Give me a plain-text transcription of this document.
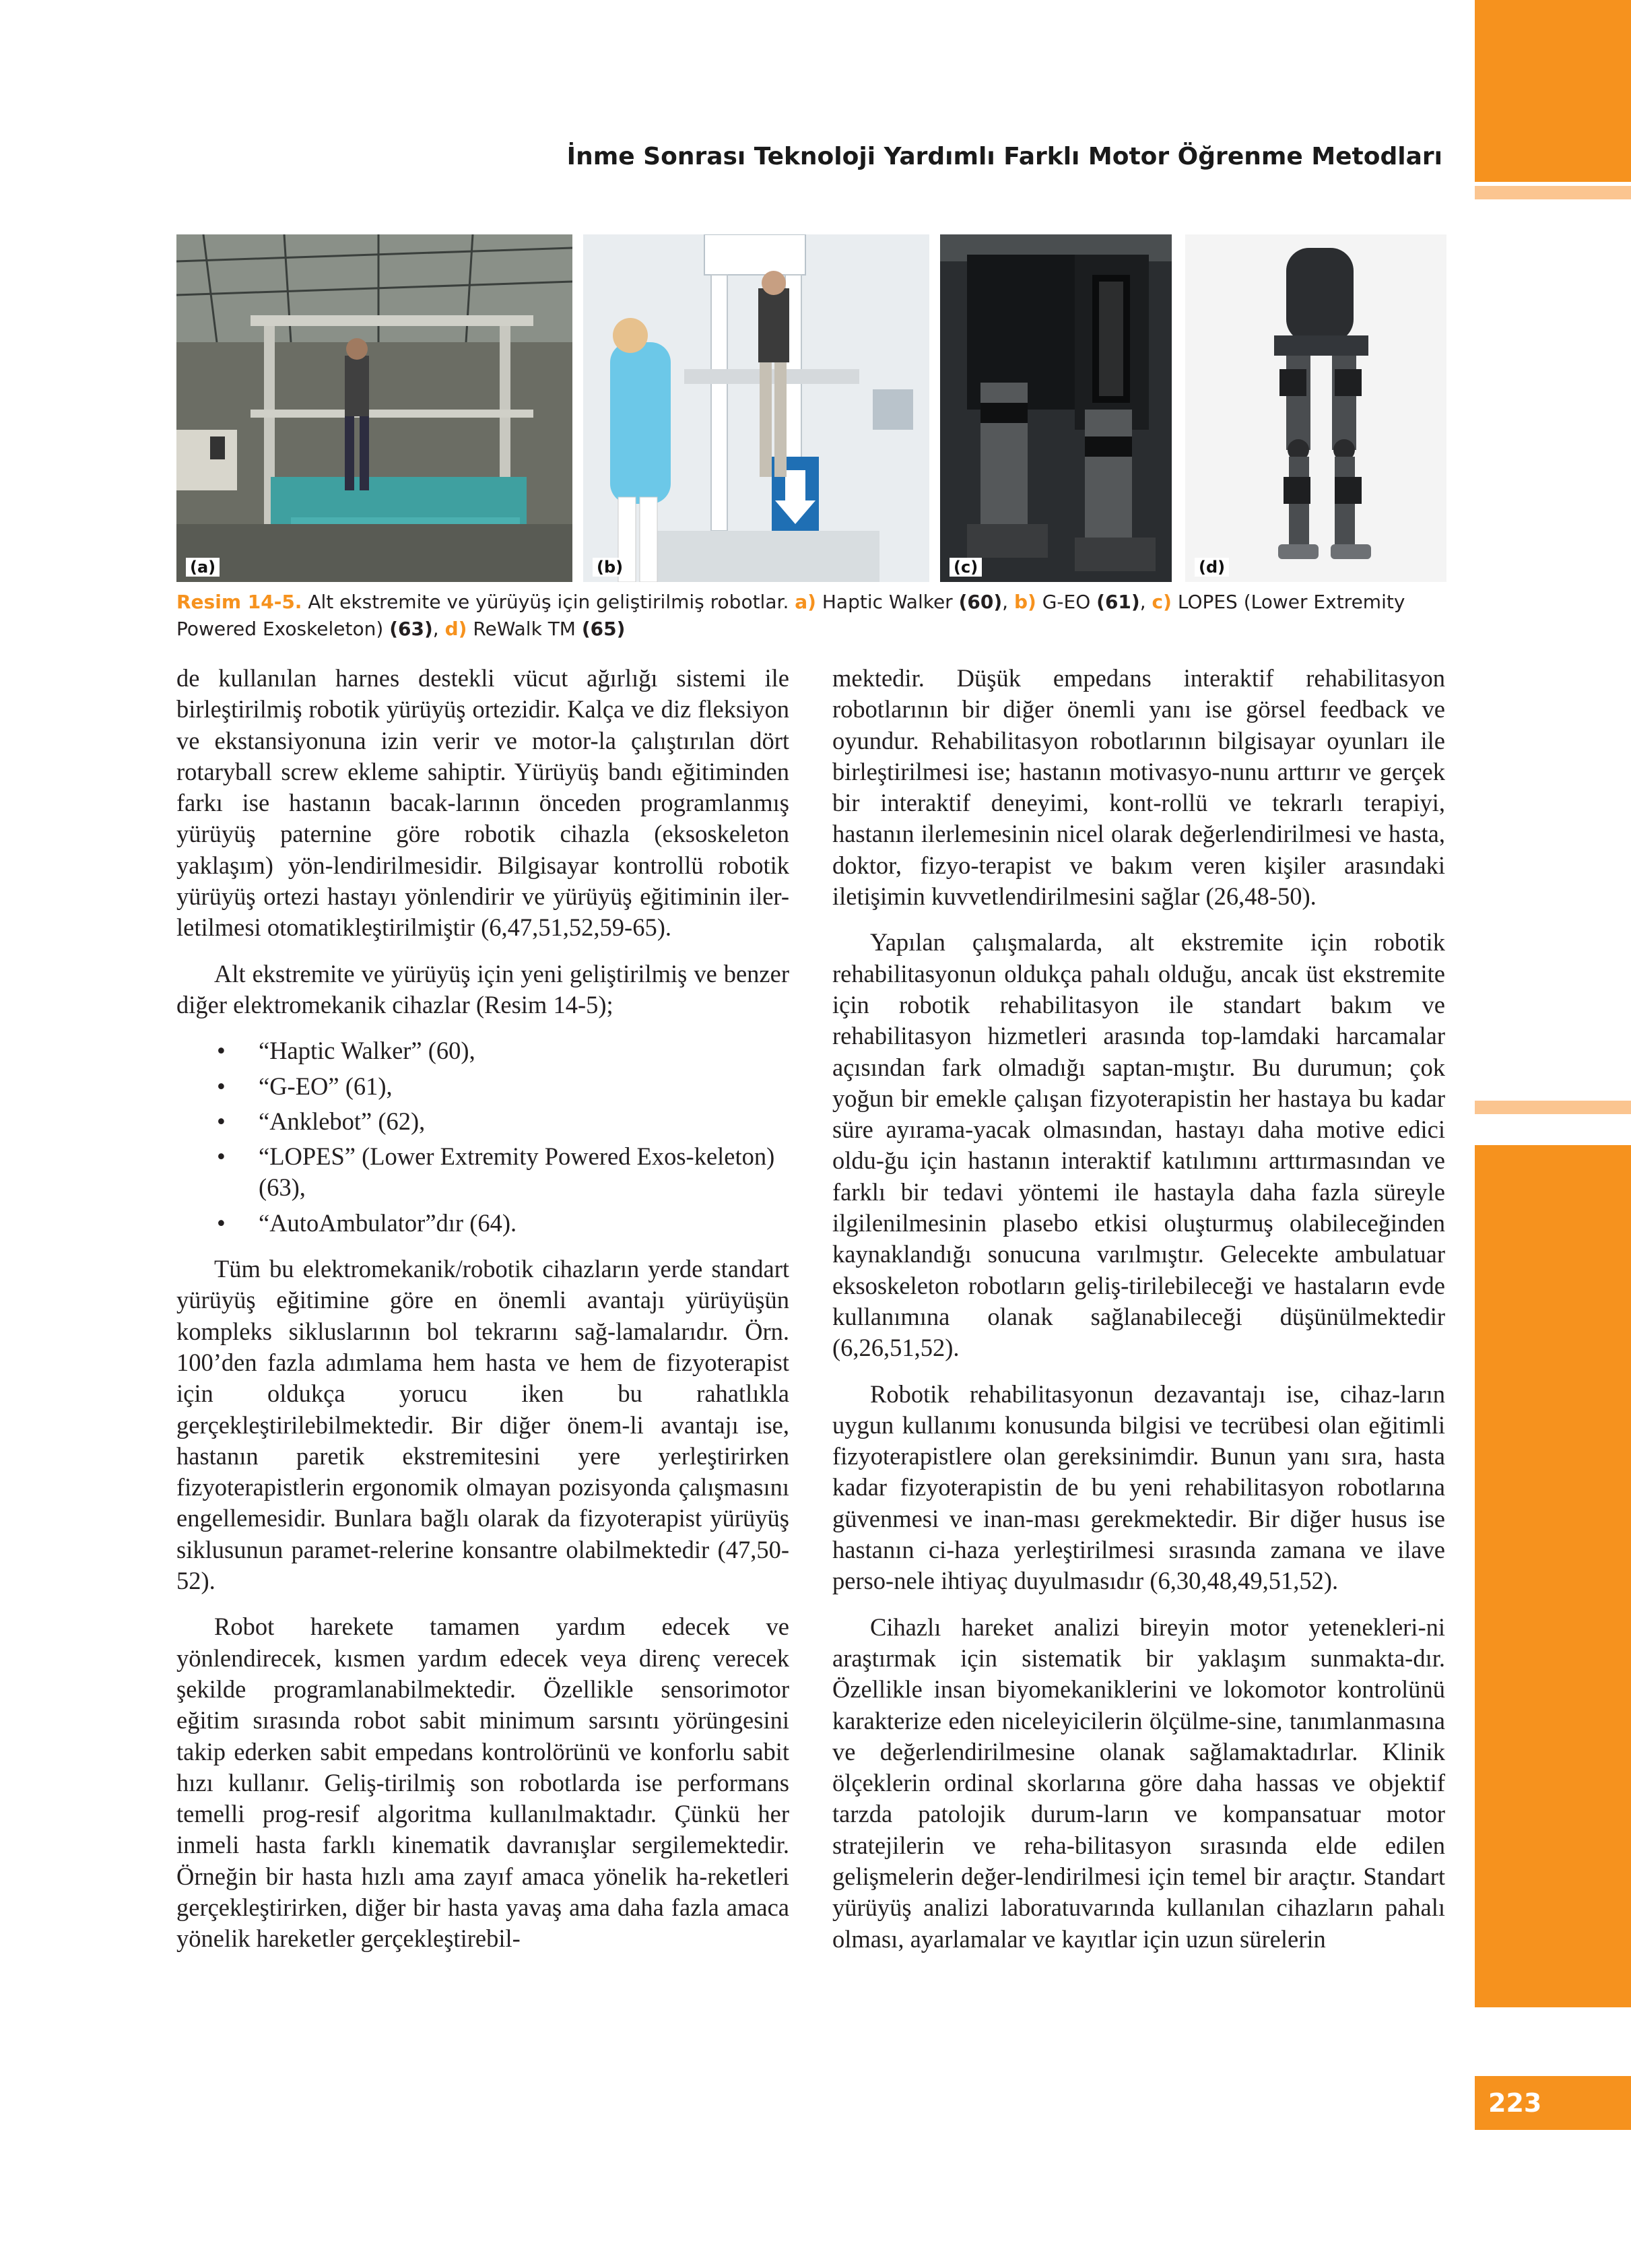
223
İnme Sonrası Teknoloji Yardımlı Farklı Motor Öğrenme Metodları
(a)	(b)	(c)	(d)
Resim 14-5. Alt ekstremite ve yürüyüş için geliştirilmiş robotlar. a) Haptic Walker (60), b) G-EO (61), c) LOPES (Lower Extremity Powered Exoskeleton) (63), d) ReWalk TM (65)

de kullanılan harnes destekli vücut ağırlığı sistemi ile birleştirilmiş robotik yürüyüş ortezidir. Kalça ve diz fleksiyon ve ekstansiyonuna izin verir ve motor-la çalıştırılan dört rotaryball screw ekleme sahiptir. Yürüyüş bandı eğitiminden farkı ise hastanın bacak-larının önceden programlanmış yürüyüş paternine göre robotik cihazla (eksoskeleton yaklaşım) yön-lendirilmesidir. Bilgisayar kontrollü robotik yürüyüş ortezi hastayı yönlendirir ve yürüyüş eğitiminin iler-letilmesi otomatikleştirilmiştir (6,47,51,52,59-65).

Alt ekstremite ve yürüyüş için yeni geliştirilmiş ve benzer diğer elektromekanik cihazlar (Resim 14-5);

• “Haptic Walker” (60),
• “G-EO” (61),
• “Anklebot” (62),
• “LOPES” (Lower Extremity Powered Exos-keleton) (63),
• “AutoAmbulator”dır (64).

Tüm bu elektromekanik/robotik cihazların yerde standart yürüyüş eğitimine göre en önemli avantajı yürüyüşün kompleks sikluslarının bol tekrarını sağ-lamalarıdır. Örn. 100’den fazla adımlama hem hasta ve hem de fizyoterapist için oldukça yorucu iken bu rahatlıkla gerçekleştirilebilmektedir. Bir diğer önem-li avantajı ise, hastanın paretik ekstremitesini yere yerleştirirken fizyoterapistlerin ergonomik olmayan pozisyonda çalışmasını engellemesidir. Bunlara bağlı olarak da fizyoterapist yürüyüş siklusunun paramet-relerine konsantre olabilmektedir (47,50-52).

Robot harekete tamamen yardım edecek ve yönlendirecek, kısmen yardım edecek veya direnç verecek şekilde programlanabilmektedir. Özellikle sensorimotor eğitim sırasında robot sabit minimum sarsıntı yörüngesini takip ederken sabit empedans kontrolörünü ve konforlu sabit hızı kullanır. Geliş-tirilmiş son robotlarda ise performans temelli prog-resif algoritma kullanılmaktadır. Çünkü her inmeli hasta farklı kinematik davranışlar sergilemektedir. Örneğin bir hasta hızlı ama zayıf amaca yönelik ha-reketleri gerçekleştirirken, diğer bir hasta yavaş ama daha fazla amaca yönelik hareketler gerçekleştirebil-

mektedir. Düşük empedans interaktif rehabilitasyon robotlarının bir diğer önemli yanı ise görsel feedback ve oyundur. Rehabilitasyon robotlarının bilgisayar oyunları ile birleştirilmesi ise; hastanın motivasyo-nunu arttırır ve gerçek bir interaktif deneyimi, kont-rollü ve tekrarlı terapiyi, hastanın ilerlemesinin nicel olarak değerlendirilmesi ve hasta, doktor, fizyo-terapist ve bakım veren kişiler arasındaki iletişimin kuvvetlendirilmesini sağlar (26,48-50).

Yapılan çalışmalarda, alt ekstremite için robotik rehabilitasyonun oldukça pahalı olduğu, ancak üst ekstremite için robotik rehabilitasyon ile standart bakım ve rehabilitasyon hizmetleri arasında top-lamdaki harcamalar açısından fark olmadığı saptan-mıştır. Bu durumun; çok yoğun bir emekle çalışan fizyoterapistin her hastaya bu kadar süre ayırama-yacak olmasından, hastayı daha motive edici oldu-ğu için hastanın interaktif katılımını arttırmasından ve farklı bir tedavi yöntemi ile hastayla daha fazla süreyle ilgilenilmesinin plasebo etkisi oluşturmuş olabileceğinden kaynaklandığı sonucuna varılmıştır. Gelecekte ambulatuar eksoskeleton robotların geliş-tirilebileceği ve hastaların evde kullanımına olanak sağlanabileceği düşünülmektedir (6,26,51,52).

Robotik rehabilitasyonun dezavantajı ise, cihaz-ların uygun kullanımı konusunda bilgisi ve tecrübesi olan eğitimli fizyoterapistlere olan gereksinimdir. Bunun yanı sıra, hasta kadar fizyoterapistin de bu yeni rehabilitasyon robotlarına güvenmesi ve inan-ması gerekmektedir. Bir diğer husus ise hastanın ci-haza yerleştirilmesi sırasında zamana ve ilave perso-nele ihtiyaç duyulmasıdır (6,30,48,49,51,52).

Cihazlı hareket analizi bireyin motor yetenekleri-ni araştırmak için sistematik bir yaklaşım sunmakta-dır. Özellikle insan biyomekaniklerini ve lokomotor kontrolünü karakterize eden niceleyicilerin ölçülme-sine, tanımlanmasına ve değerlendirilmesine olanak sağlamaktadırlar. Klinik ölçeklerin ordinal skorlarına göre daha hassas ve objektif tarzda patolojik durum-ların ve kompansatuar motor stratejilerin ve reha-bilitasyon sırasında elde edilen gelişmelerin değer-lendirilmesi için temel bir araçtır. Standart yürüyüş analizi laboratuvarında kullanılan cihazların pahalı olması, ayarlamalar ve kayıtlar için uzun sürelerin
